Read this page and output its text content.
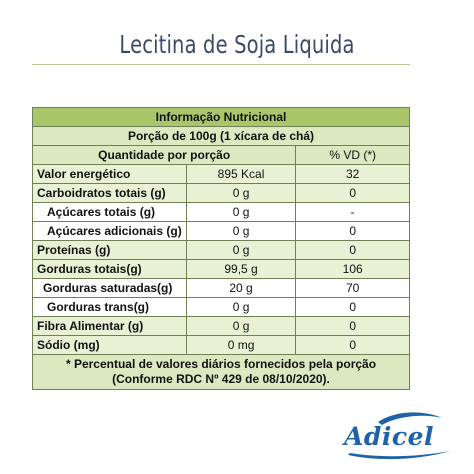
Lecitina de Soja Liquida
Informação Nutricional		
Porção de 100g (1 xícara de chá)		
Quantidade por porção		% VD (*)
Valor energético	895 Kcal	32
Carboidratos totais (g)	0 g	0
Açúcares totais (g)	0 g	-
Açúcares adicionais (g)	0 g	0
Proteínas (g)	0 g	0
Gorduras totais(g)	99,5 g	106
Gorduras saturadas(g)	20 g	70
Gorduras trans(g)	0 g	0
Fibra Alimentar (g)	0 g	0
Sódio (mg)	0 mg	0

* Percentual de valores diários fornecidos pela porção
(Conforme RDC Nº 429 de 08/10/2020).		
Adicel
